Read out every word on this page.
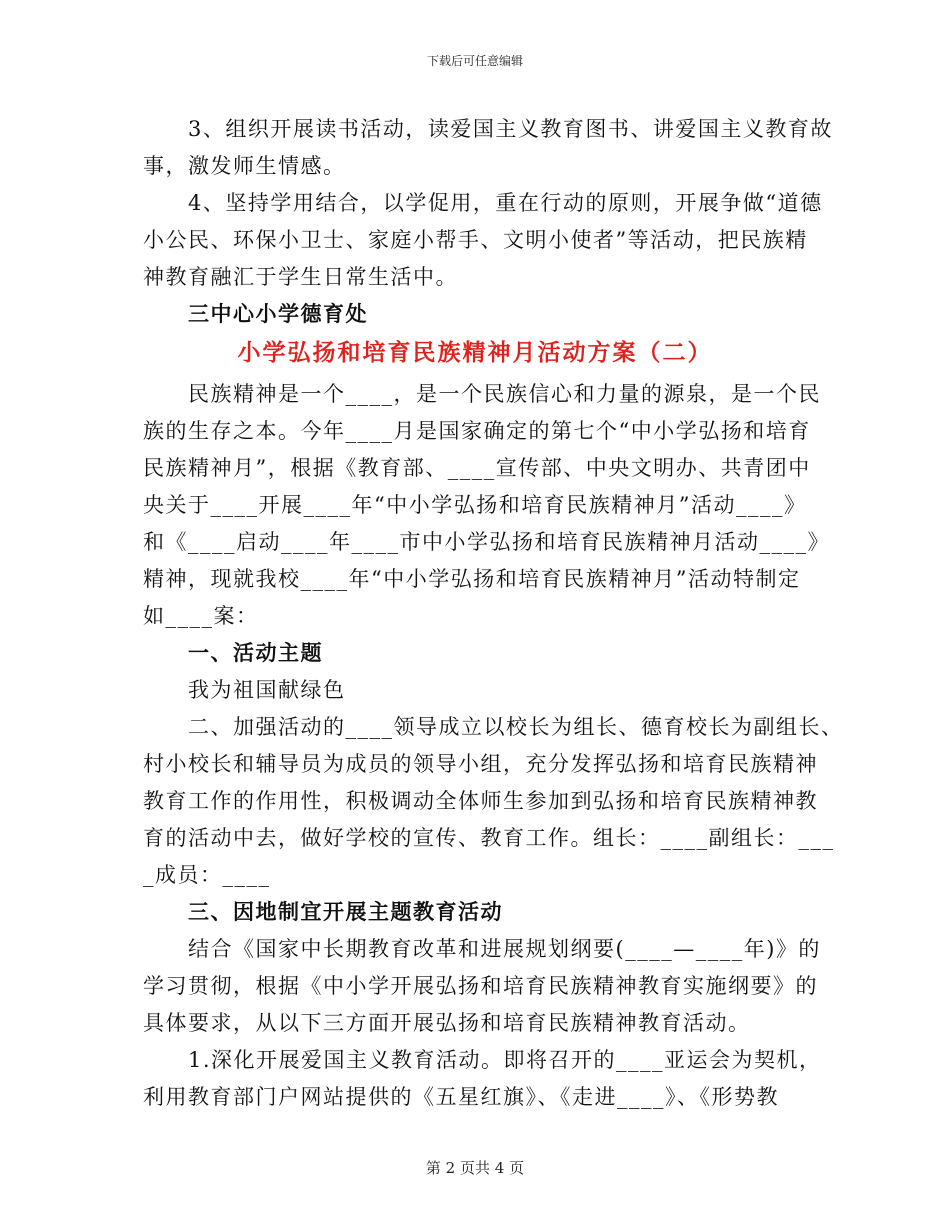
下载后可任意编辑
3、组织开展读书活动，读爱国主义教育图书、讲爱国主义教育故
事，激发师生情感。
4、坚持学用结合，以学促用，重在行动的原则，开展争做“道德
小公民、环保小卫士、家庭小帮手、文明小使者”等活动，把民族精
神教育融汇于学生日常生活中。
三中心小学德育处
小学弘扬和培育民族精神月活动方案（二）
民族精神是一个____，是一个民族信心和力量的源泉，是一个民
族的生存之本。今年____月是国家确定的第七个“中小学弘扬和培育
民族精神月”，根据《教育部、____宣传部、中央文明办、共青团中
央关于____开展____年“中小学弘扬和培育民族精神月”活动____》
和《____启动____年____市中小学弘扬和培育民族精神月活动____》
精神，现就我校____年“中小学弘扬和培育民族精神月”活动特制定
如____案：
一、活动主题
我为祖国献绿色
二、加强活动的____领导成立以校长为组长、德育校长为副组长、
村小校长和辅导员为成员的领导小组，充分发挥弘扬和培育民族精神
教育工作的作用性，积极调动全体师生参加到弘扬和培育民族精神教
育的活动中去，做好学校的宣传、教育工作。组长：____副组长：___
_成员：____
三、因地制宜开展主题教育活动
结合《国家中长期教育改革和进展规划纲要(____—____年)》的
学习贯彻，根据《中小学开展弘扬和培育民族精神教育实施纲要》的
具体要求，从以下三方面开展弘扬和培育民族精神教育活动。
1.深化开展爱国主义教育活动。即将召开的____亚运会为契机，
利用教育部门户网站提供的《五星红旗》、《走进____》、《形势教
第 2 页共 4 页
